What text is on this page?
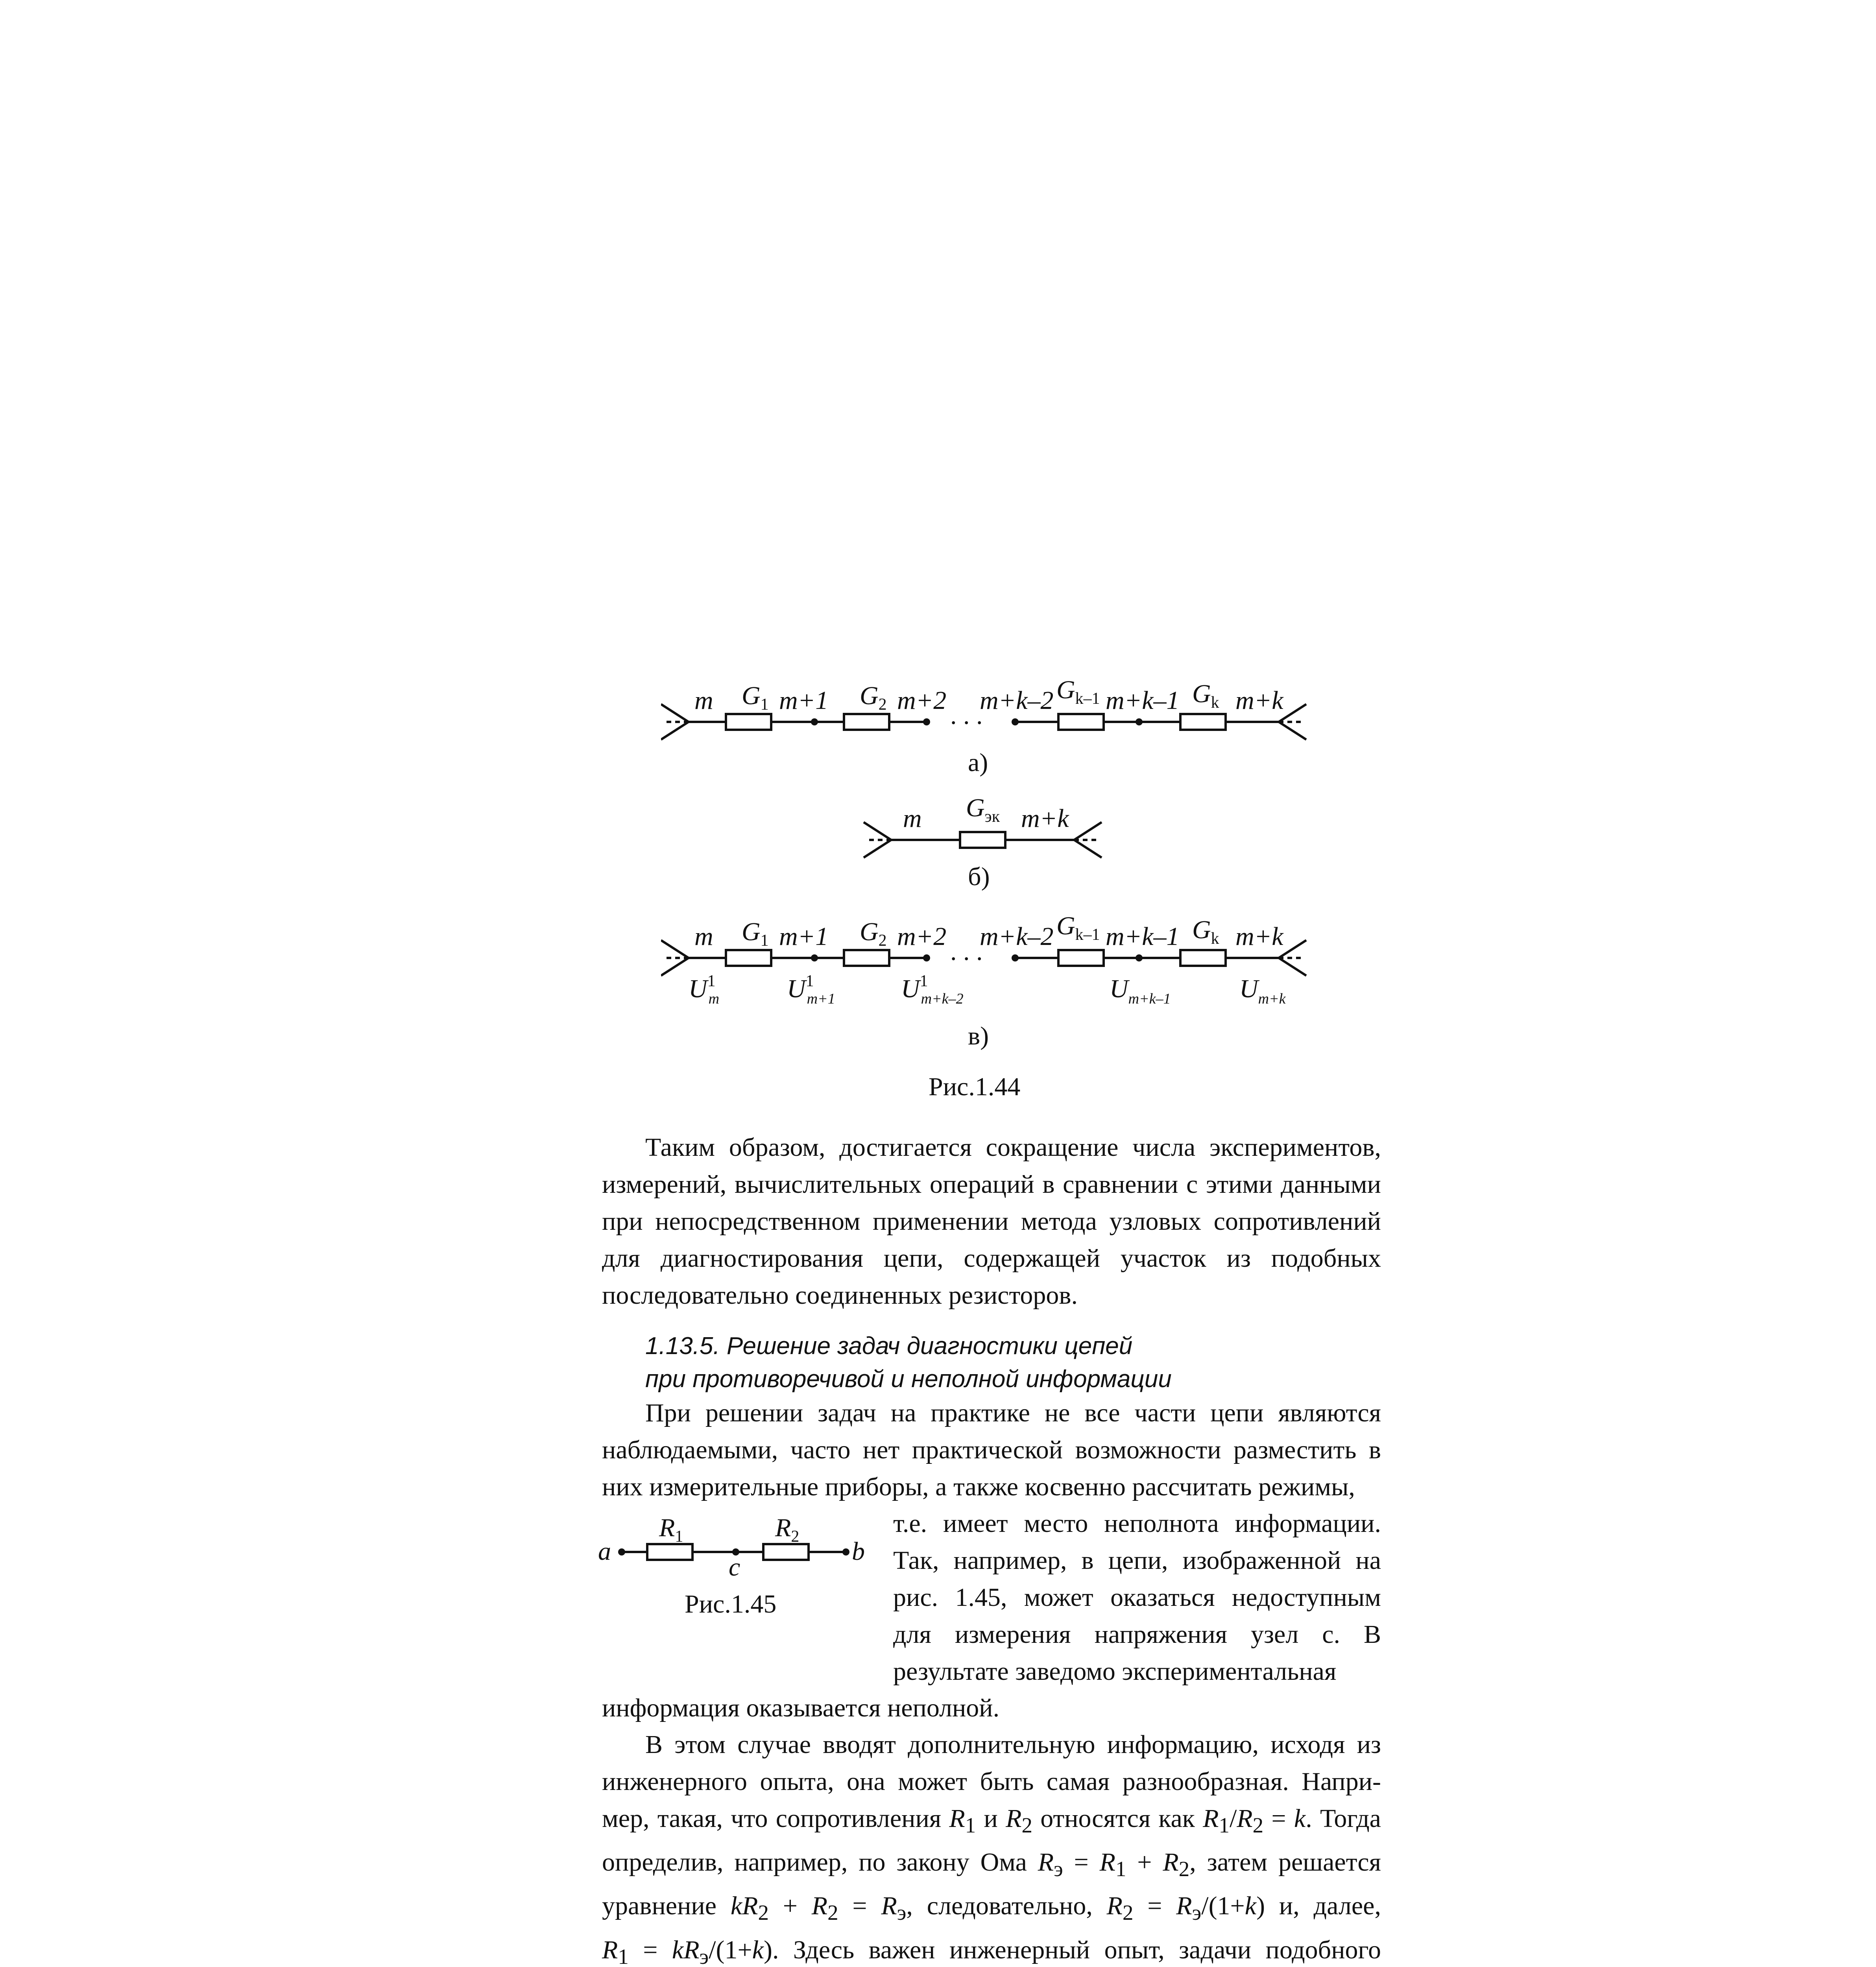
m $G_1$ m+1 $G_2$ m+2
. . .
m+k–2 $G_{k-1}$ m+k–1 $G_k$ m+k
а)
m $G_{эк}$ m+k
б)
m $G_1$ m+1 $G_2$ m+2
. . .
m+k–2 $G_{k-1}$ m+k–1 $G_k$ m+k
$U^1$ m	$U^1$ m+1	$U^1$ m+k–2	$U_{m+k-1}$	$U_{m+k}$
в)
Рис.1.44

Таким образом, достигается сокращение числа экспериментов, измерений, вычислительных операций в сравнении с этими данными при непосредственном применении метода узловых сопротивлений для диагностирования цепи, содержащей участок из подобных последовательно соединенных резисторов.

1.13.5. Решение задач диагностики цепей
при противоречивой и неполной информации

При решении задач на практике не все части цепи являются наблюдаемыми, часто нет практической возможности разместить в них измерительные приборы, а также косвенно рассчитать режимы,

a
$R_1$	$R_2$
c
b
Рис.1.45

т.е. имеет место неполнота информации. Так, например, в цепи, изображенной на рис. 1.45, может оказаться недоступным для измерения напряжения узел c. В результате заведомо экспериментальная

информация оказывается неполной.

В этом случае вводят дополнительную информацию, исходя из
инженерного опыта, она может быть самая разнообразная. Напри-
мер, такая, что сопротивления $R_1$ и $R_2$ относятся как $R_1/R_2 = k$. Тогда
определив, например, по закону Ома $R_э = R_1 + R_2$, затем решается
уравнение $kR_2 + R_2 = R_э$, следовательно, $R_2 = R_э/(1+k)$ и, далее,
$R_1 = kR_э/(1+k)$. Здесь важен инженерный опыт, задачи подобного
